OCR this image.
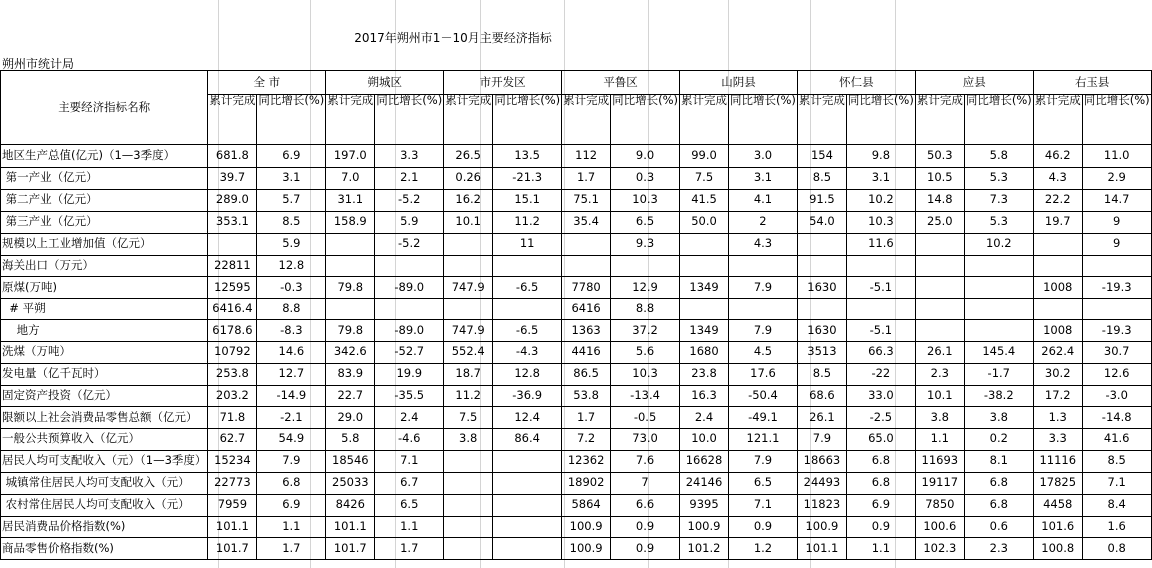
2017年朔州市1－10月主要经济指标
朔州市统计局
主要经济指标名称	全 市		朔城区		市开发区		平鲁区		山阴县		怀仁县		应县		右玉县	
	累计完成	同比增长(%)	累计完成	同比增长(%)	累计完成	同比增长(%)	累计完成	同比增长(%)	累计完成	同比增长(%)	累计完成	同比增长(%)	累计完成	同比增长(%)	累计完成	同比增长(%)
地区生产总值(亿元)（1—3季度）	681.8	6.9	197.0	3.3	26.5	13.5	112	9.0	99.0	3.0	154	9.8	50.3	5.8	46.2	11.0
第一产业（亿元）	39.7	3.1	7.0	2.1	0.26	-21.3	1.7	0.3	7.5	3.1	8.5	3.1	10.5	5.3	4.3	2.9
第二产业（亿元）	289.0	5.7	31.1	-5.2	16.2	15.1	75.1	10.3	41.5	4.1	91.5	10.2	14.8	7.3	22.2	14.7
第三产业（亿元）	353.1	8.5	158.9	5.9	10.1	11.2	35.4	6.5	50.0	2	54.0	10.3	25.0	5.3	19.7	9
规模以上工业增加值（亿元）		5.9		-5.2		11		9.3		4.3		11.6		10.2		9
海关出口（万元）	22811	12.8														
原煤(万吨)	12595	-0.3	79.8	-89.0	747.9	-6.5	7780	12.9	1349	7.9	1630	-5.1			1008	-19.3
# 平朔	6416.4	8.8					6416	8.8								
地方	6178.6	-8.3	79.8	-89.0	747.9	-6.5	1363	37.2	1349	7.9	1630	-5.1			1008	-19.3
洗煤（万吨）	10792	14.6	342.6	-52.7	552.4	-4.3	4416	5.6	1680	4.5	3513	66.3	26.1	145.4	262.4	30.7
发电量（亿千瓦时）	253.8	12.7	83.9	19.9	18.7	12.8	86.5	10.3	23.8	17.6	8.5	-22	2.3	-1.7	30.2	12.6
固定资产投资（亿元）	203.2	-14.9	22.7	-35.5	11.2	-36.9	53.8	-13.4	16.3	-50.4	68.6	33.0	10.1	-38.2	17.2	-3.0
限额以上社会消费品零售总额（亿元）	71.8	-2.1	29.0	2.4	7.5	12.4	1.7	-0.5	2.4	-49.1	26.1	-2.5	3.8	3.8	1.3	-14.8
一般公共预算收入（亿元）	62.7	54.9	5.8	-4.6	3.8	86.4	7.2	73.0	10.0	121.1	7.9	65.0	1.1	0.2	3.3	41.6
居民人均可支配收入（元）（1—3季度）	15234	7.9	18546	7.1			12362	7.6	16628	7.9	18663	6.8	11693	8.1	11116	8.5
城镇常住居民人均可支配收入（元）	22773	6.8	25033	6.7			18902	7	24146	6.5	24493	6.8	19117	6.8	17825	7.1
农村常住居民人均可支配收入（元）	7959	6.9	8426	6.5			5864	6.6	9395	7.1	11823	6.9	7850	6.8	4458	8.4
居民消费品价格指数(%)	101.1	1.1	101.1	1.1			100.9	0.9	100.9	0.9	100.9	0.9	100.6	0.6	101.6	1.6
商品零售价格指数(%)	101.7	1.7	101.7	1.7			100.9	0.9	101.2	1.2	101.1	1.1	102.3	2.3	100.8	0.8
